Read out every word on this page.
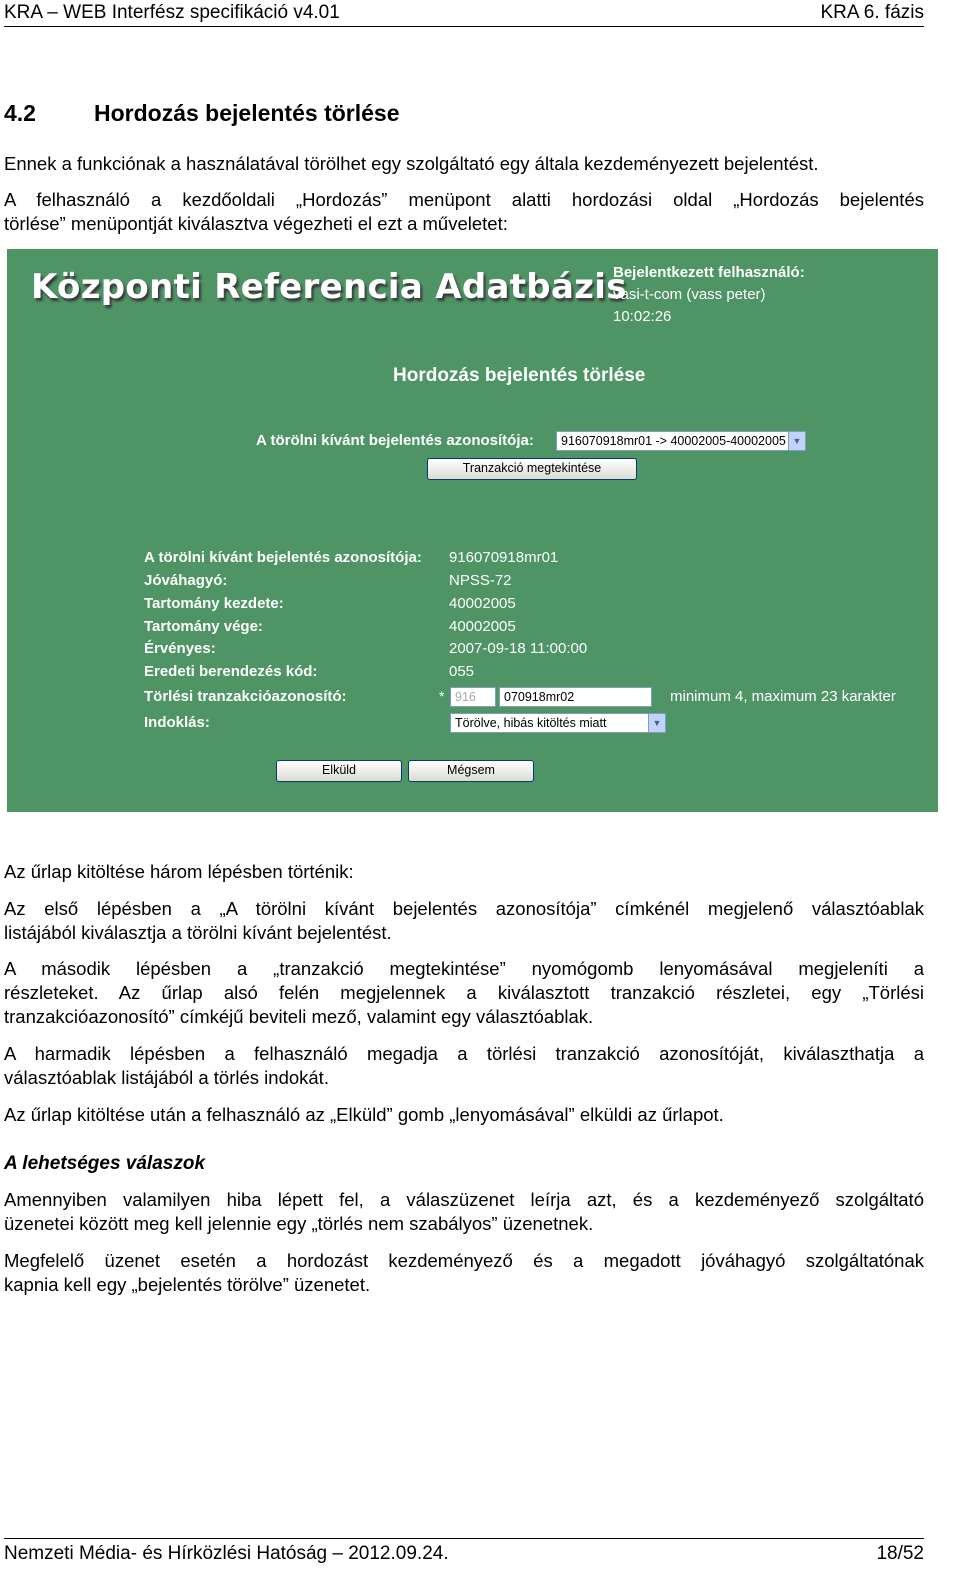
KRA – WEB Interfész specifikáció v4.01	KRA 6. fázis
4.2	Hordozás bejelentés törlése
Ennek a funkciónak a használatával törölhet egy szolgáltató egy általa kezdeményezett bejelentést.
A felhasználó a kezdőoldali „Hordozás” menüpont alatti hordozási oldal „Hordozás bejelentés
törlése” menüpontját kiválasztva végezheti el ezt a műveletet:
Központi Referencia Adatbázis
Bejelentkezett felhasználó:
vasi-t-com (vass peter)
10:02:26
Hordozás bejelentés törlése
A törölni kívánt bejelentés azonosítója:	916070918mr01 -> 40002005-40002005 ▼
Tranzakció megtekintése
A törölni kívánt bejelentés azonosítója: 916070918mr01
Jóváhagyó:	NPSS-72
Tartomány kezdete:	40002005
Tartomány vége:	40002005
Érvényes:	2007-09-18 11:00:00
Eredeti berendezés kód:	055
Törlési tranzakcióazonosító:	* 916	070918mr02	minimum 4, maximum 23 karakter
Indoklás:	Törölve, hibás kitöltés miatt	▼
Elküld	Mégsem
Az űrlap kitöltése három lépésben történik:
Az első lépésben a „A törölni kívánt bejelentés azonosítója” címkénél megjelenő választóablak
listájából kiválasztja a törölni kívánt bejelentést.
A második lépésben a „tranzakció megtekintése” nyomógomb lenyomásával megjeleníti a
részleteket. Az űrlap alsó felén megjelennek a kiválasztott tranzakció részletei, egy „Törlési
tranzakcióazonosító” címkéjű beviteli mező, valamint egy választóablak.
A harmadik lépésben a felhasználó megadja a törlési tranzakció azonosítóját, kiválaszthatja a
választóablak listájából a törlés indokát.
Az űrlap kitöltése után a felhasználó az „Elküld” gomb „lenyomásával” elküldi az űrlapot.
A lehetséges válaszok
Amennyiben valamilyen hiba lépett fel, a válaszüzenet leírja azt, és a kezdeményező szolgáltató
üzenetei között meg kell jelennie egy „törlés nem szabályos” üzenetnek.
Megfelelő üzenet esetén a hordozást kezdeményező és a megadott jóváhagyó szolgáltatónak
kapnia kell egy „bejelentés törölve” üzenetet.
Nemzeti Média- és Hírközlési Hatóság – 2012.09.24.	18/52
